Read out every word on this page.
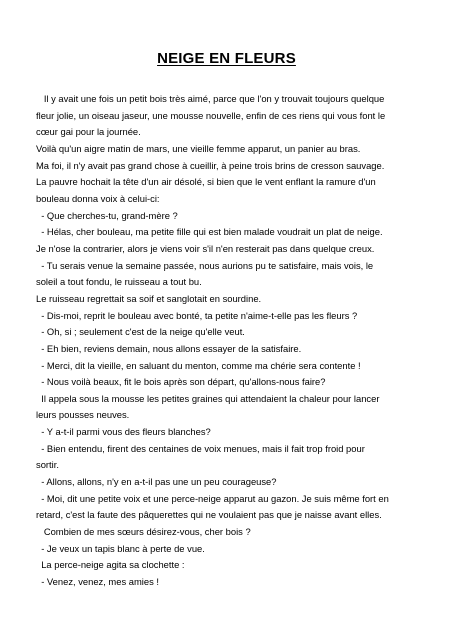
NEIGE EN FLEURS

Il y avait une fois un petit bois très aimé, parce que l'on y trouvait toujours quelque

fleur jolie, un oiseau jaseur, une mousse nouvelle, enfin de ces riens qui vous font le

cœur gai pour la journée.

Voilà qu'un aigre matin de mars, une vieille femme apparut, un panier au bras.

Ma foi, il n'y avait pas grand chose à cueillir, à peine trois brins de cresson sauvage.

La pauvre hochait la tête d'un air désolé, si bien que le vent enflant la ramure d'un

bouleau donna voix à celui-ci:

- Que cherches-tu, grand-mère ?

- Hélas, cher bouleau, ma petite fille qui est bien malade voudrait un plat de neige.

Je n'ose la contrarier, alors je viens voir s'il n'en resterait pas dans quelque creux.

- Tu serais venue la semaine passée, nous aurions pu te satisfaire, mais vois, le

soleil a tout fondu, le ruisseau a tout bu.

Le ruisseau regrettait sa soif et sanglotait en sourdine.

- Dis-moi, reprit le bouleau avec bonté, ta petite n'aime-t-elle pas les fleurs ?

- Oh, si ; seulement c'est de la neige qu'elle veut.

- Eh bien, reviens demain, nous allons essayer de la satisfaire.

- Merci, dit la vieille, en saluant du menton, comme ma chérie sera contente !

- Nous voilà beaux, fit le bois après son départ, qu'allons-nous faire?

Il appela sous la mousse les petites graines qui attendaient la chaleur pour lancer

leurs pousses neuves.

- Y a-t-il parmi vous des fleurs blanches?

- Bien entendu, firent des centaines de voix menues, mais il fait trop froid pour

sortir.

- Allons, allons, n'y en a-t-il pas une un peu courageuse?

- Moi, dit une petite voix et une perce-neige apparut au gazon. Je suis même fort en

retard, c'est la faute des pâquerettes qui ne voulaient pas que je naisse avant elles.

Combien de mes sœurs désirez-vous, cher bois ?

- Je veux un tapis blanc à perte de vue.

La perce-neige agita sa clochette :

- Venez, venez, mes amies !
